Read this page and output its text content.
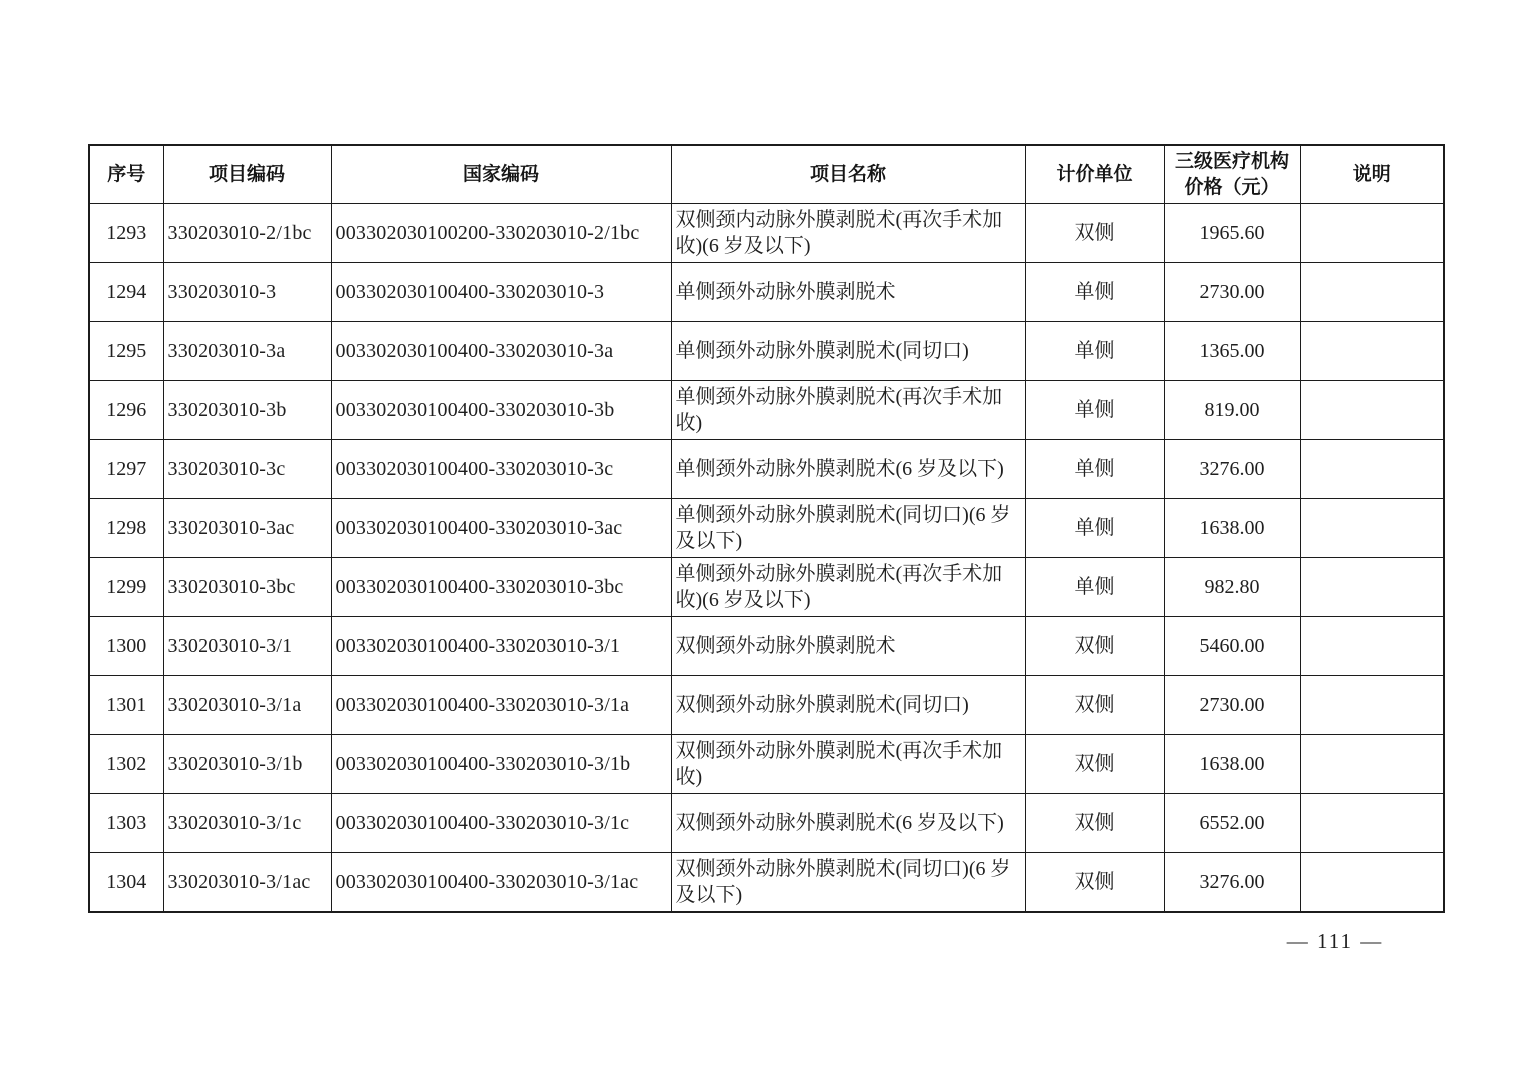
序号	项目编码	国家编码	项目名称	计价单位	三级医疗机构价格（元）	说明
1293	330203010-2/1bc	003302030100200-330203010-2/1bc	双侧颈内动脉外膜剥脱术(再次手术加收)(6 岁及以下)	双侧	1965.60	
1294	330203010-3	003302030100400-330203010-3	单侧颈外动脉外膜剥脱术	单侧	2730.00	
1295	330203010-3a	003302030100400-330203010-3a	单侧颈外动脉外膜剥脱术(同切口)	单侧	1365.00	
1296	330203010-3b	003302030100400-330203010-3b	单侧颈外动脉外膜剥脱术(再次手术加收)	单侧	819.00	
1297	330203010-3c	003302030100400-330203010-3c	单侧颈外动脉外膜剥脱术(6 岁及以下)	单侧	3276.00	
1298	330203010-3ac	003302030100400-330203010-3ac	单侧颈外动脉外膜剥脱术(同切口)(6 岁及以下)	单侧	1638.00	
1299	330203010-3bc	003302030100400-330203010-3bc	单侧颈外动脉外膜剥脱术(再次手术加收)(6 岁及以下)	单侧	982.80	
1300	330203010-3/1	003302030100400-330203010-3/1	双侧颈外动脉外膜剥脱术	双侧	5460.00	
1301	330203010-3/1a	003302030100400-330203010-3/1a	双侧颈外动脉外膜剥脱术(同切口)	双侧	2730.00	
1302	330203010-3/1b	003302030100400-330203010-3/1b	双侧颈外动脉外膜剥脱术(再次手术加收)	双侧	1638.00	
1303	330203010-3/1c	003302030100400-330203010-3/1c	双侧颈外动脉外膜剥脱术(6 岁及以下)	双侧	6552.00	
1304	330203010-3/1ac	003302030100400-330203010-3/1ac	双侧颈外动脉外膜剥脱术(同切口)(6 岁及以下)	双侧	3276.00	
— 111 —
